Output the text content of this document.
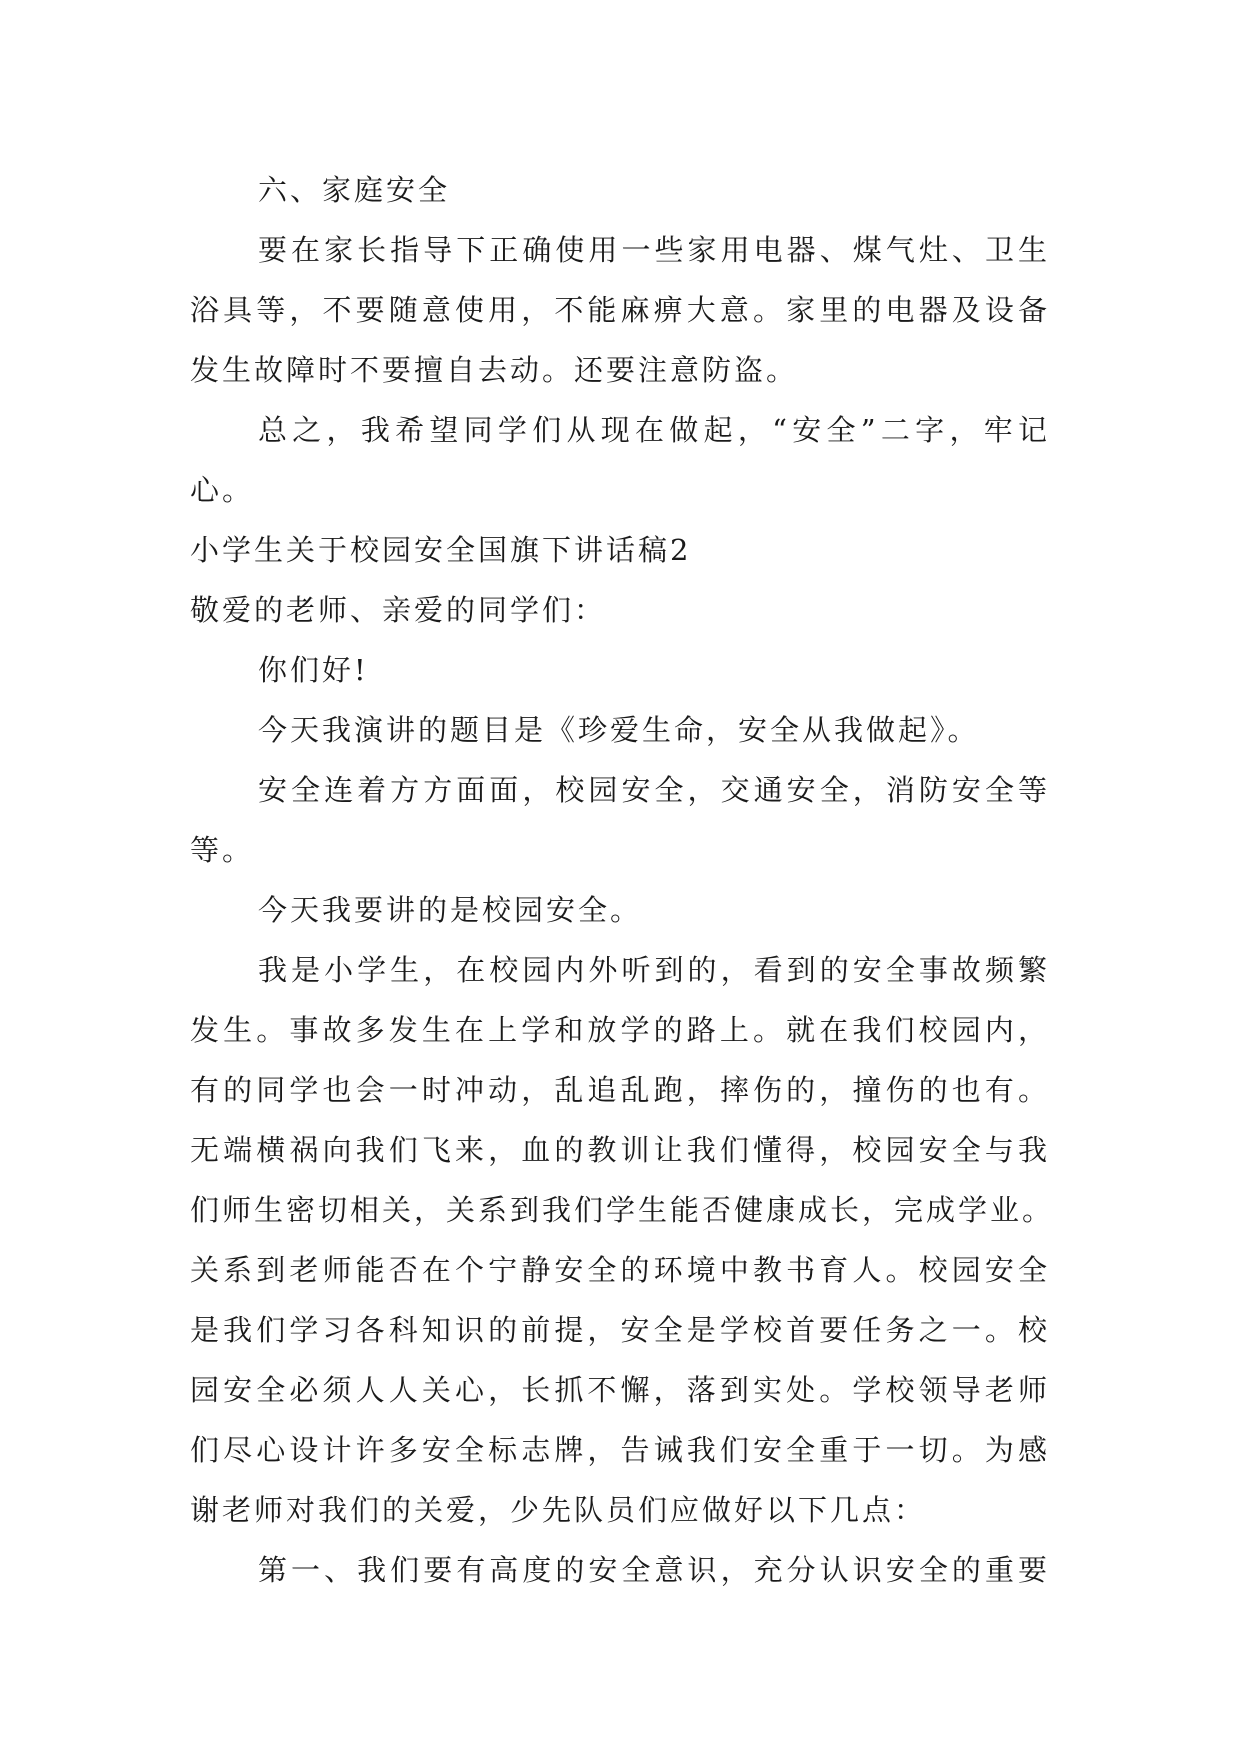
六、家庭安全
要在家长指导下正确使用一些家用电器、煤气灶、卫生
浴具等，不要随意使用，不能麻痹大意。家里的电器及设备
发生故障时不要擅自去动。还要注意防盗。
总之，我希望同学们从现在做起，“安全”二字，牢记
心。
小学生关于校园安全国旗下讲话稿2
敬爱的老师、亲爱的同学们：
你们好!
今天我演讲的题目是《珍爱生命，安全从我做起》。
安全连着方方面面，校园安全，交通安全，消防安全等
等。
今天我要讲的是校园安全。
我是小学生，在校园内外听到的，看到的安全事故频繁
发生。事故多发生在上学和放学的路上。就在我们校园内，
有的同学也会一时冲动，乱追乱跑，摔伤的，撞伤的也有。
无端横祸向我们飞来，血的教训让我们懂得，校园安全与我
们师生密切相关，关系到我们学生能否健康成长，完成学业。
关系到老师能否在个宁静安全的环境中教书育人。校园安全
是我们学习各科知识的前提，安全是学校首要任务之一。校
园安全必须人人关心，长抓不懈，落到实处。学校领导老师
们尽心设计许多安全标志牌，告诫我们安全重于一切。为感
谢老师对我们的关爱，少先队员们应做好以下几点：
第一、我们要有高度的安全意识，充分认识安全的重要
